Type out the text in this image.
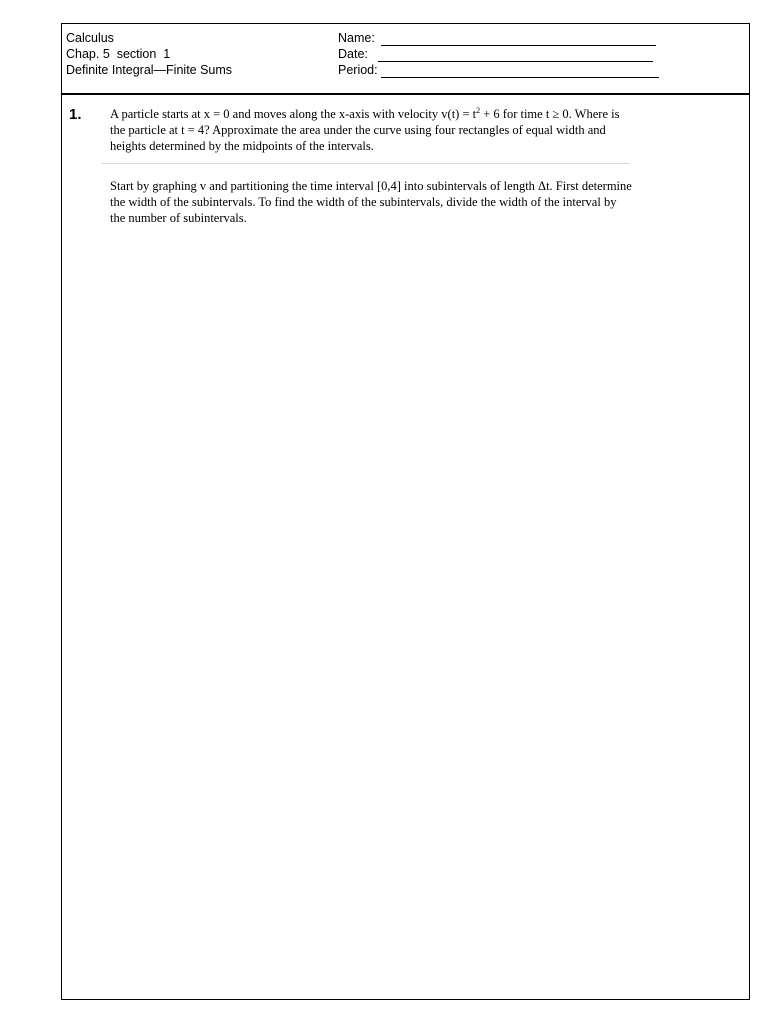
Calculus
Chap. 5  section  1
Definite Integral—Finite Sums
Name:
Date:
Period:
1. A particle starts at x = 0 and moves along the x-axis with velocity $v(t) = t^2 + 6$ for time t ≥ 0. Where is the particle at t = 4? Approximate the area under the curve using four rectangles of equal width and heights determined by the midpoints of the intervals.
Start by graphing v and partitioning the time interval [0,4] into subintervals of length Δt. First determine the width of the subintervals. To find the width of the subintervals, divide the width of the interval by the number of subintervals.
